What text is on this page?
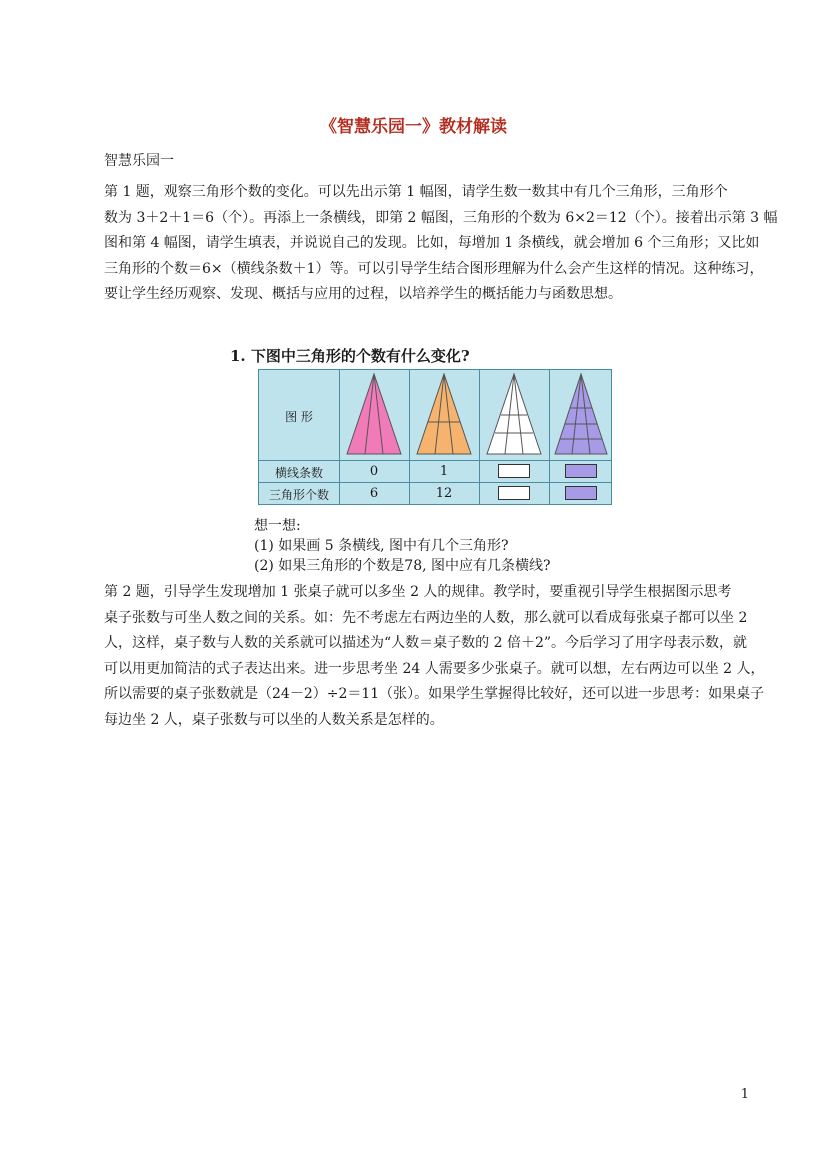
《智慧乐园一》教材解读
智慧乐园一
第 1 题，观察三角形个数的变化。可以先出示第 1 幅图，请学生数一数其中有几个三角形，三角形个
数为 3＋2＋1＝6（个）。再添上一条横线，即第 2 幅图，三角形的个数为 6×2＝12（个）。接着出示第 3 幅
图和第 4 幅图，请学生填表，并说说自己的发现。比如，每增加 1 条横线，就会增加 6 个三角形；又比如
三角形的个数＝6×（横线条数＋1）等。可以引导学生结合图形理解为什么会产生这样的情况。这种练习，
要让学生经历观察、发现、概括与应用的过程，以培养学生的概括能力与函数思想。
1. 下图中三角形的个数有什么变化?
图 形
横线条数
三角形个数
0	1
6	12
想一想:
(1) 如果画 5 条横线, 图中有几个三角形?
(2) 如果三角形的个数是78, 图中应有几条横线?
第 2 题，引导学生发现增加 1 张桌子就可以多坐 2 人的规律。教学时，要重视引导学生根据图示思考
桌子张数与可坐人数之间的关系。如：先不考虑左右两边坐的人数，那么就可以看成每张桌子都可以坐 2
人，这样，桌子数与人数的关系就可以描述为“人数＝桌子数的 2 倍＋2”。今后学习了用字母表示数，就
可以用更加简洁的式子表达出来。进一步思考坐 24 人需要多少张桌子。就可以想，左右两边可以坐 2 人，
所以需要的桌子张数就是（24－2）÷2＝11（张）。如果学生掌握得比较好，还可以进一步思考：如果桌子
每边坐 2 人，桌子张数与可以坐的人数关系是怎样的。
1
